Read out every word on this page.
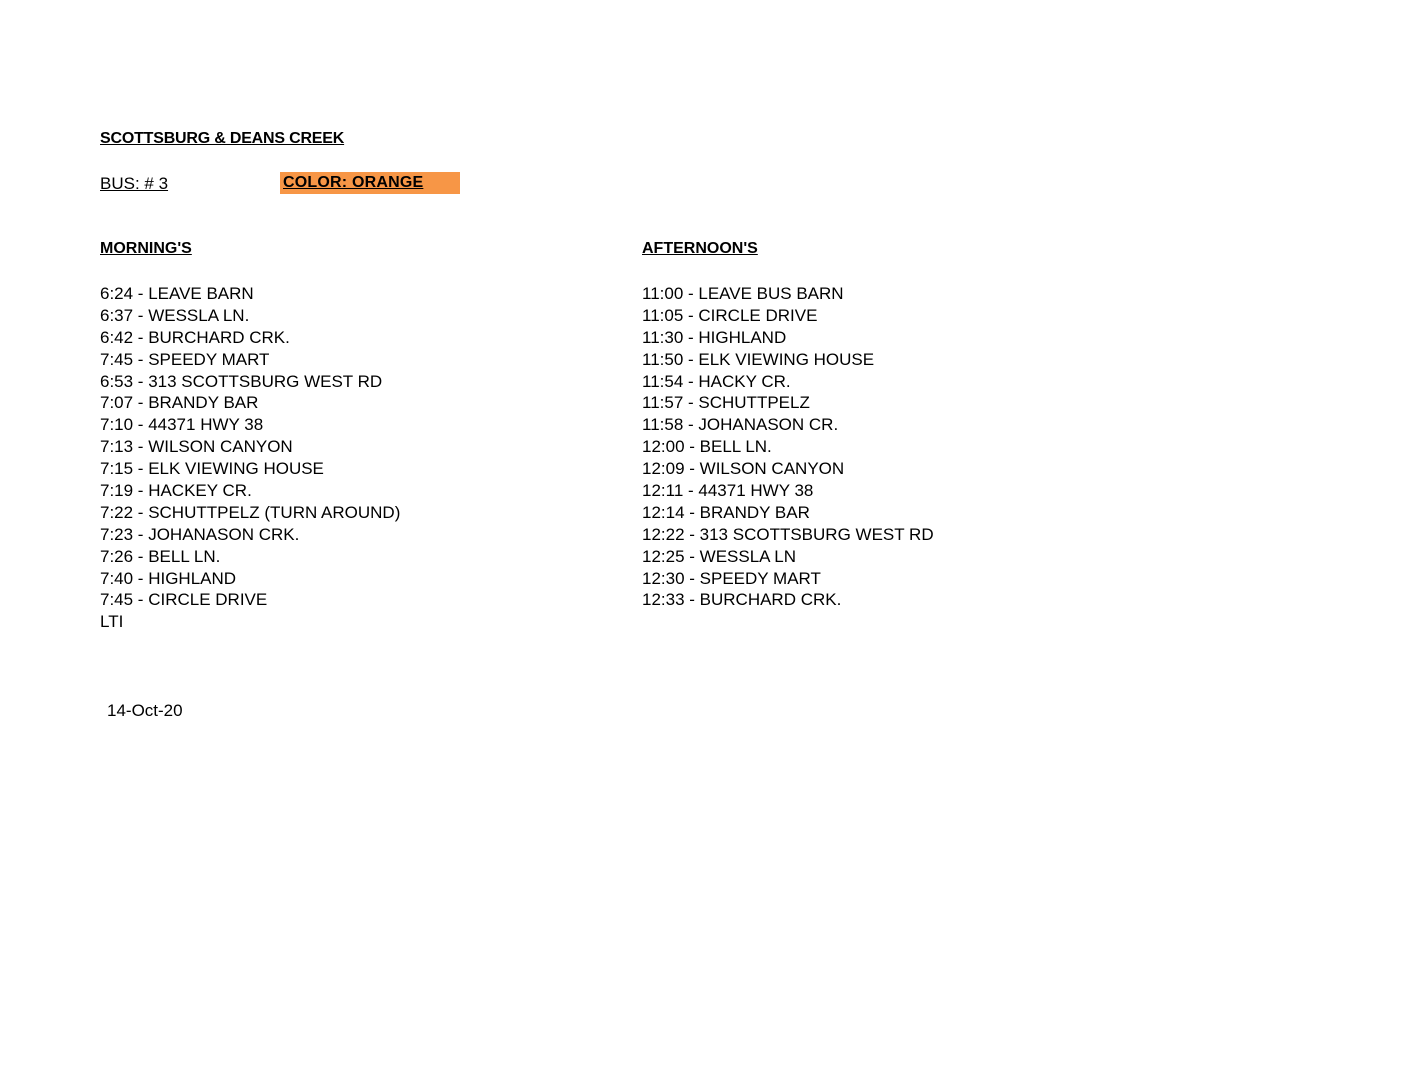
SCOTTSBURG & DEANS CREEK
BUS: # 3	COLOR: ORANGE
MORNING'S	AFTERNOON'S
6:24 - LEAVE BARN
6:37 - WESSLA LN.
6:42 - BURCHARD CRK.
7:45 - SPEEDY MART
6:53 - 313 SCOTTSBURG WEST RD
7:07 - BRANDY BAR
7:10 - 44371 HWY 38
7:13 - WILSON CANYON
7:15 - ELK VIEWING HOUSE
7:19 - HACKEY CR.
7:22 - SCHUTTPELZ (TURN AROUND)
7:23 - JOHANASON CRK.
7:26 - BELL LN.
7:40 - HIGHLAND
7:45 - CIRCLE DRIVE
LTI
11:00 - LEAVE BUS BARN
11:05 - CIRCLE DRIVE
11:30 - HIGHLAND
11:50 - ELK VIEWING HOUSE
11:54 - HACKY CR.
11:57 - SCHUTTPELZ
11:58 - JOHANASON CR.
12:00 - BELL LN.
12:09 - WILSON CANYON
12:11 - 44371 HWY 38
12:14 - BRANDY BAR
12:22 - 313 SCOTTSBURG WEST RD
12:25 - WESSLA LN
12:30 - SPEEDY MART
12:33 - BURCHARD CRK.
14-Oct-20
